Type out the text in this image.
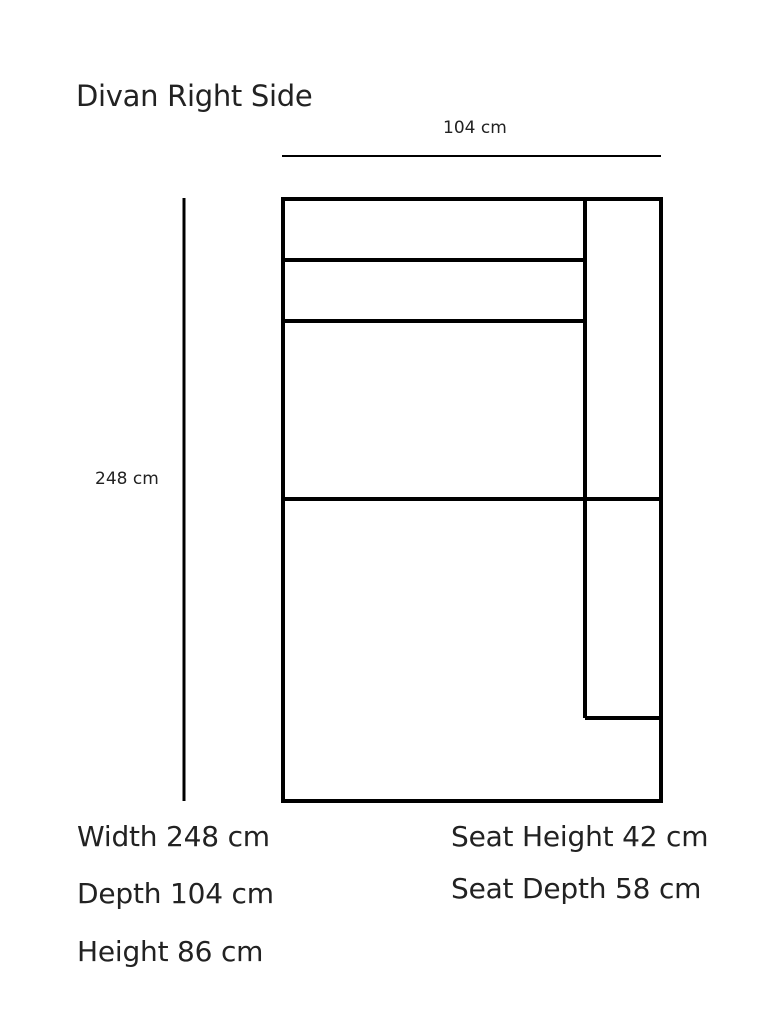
Divan Right Side
104 cm
248 cm
Width 248 cm
Depth 104 cm
Height 86 cm
Seat Height 42 cm
Seat Depth 58 cm
